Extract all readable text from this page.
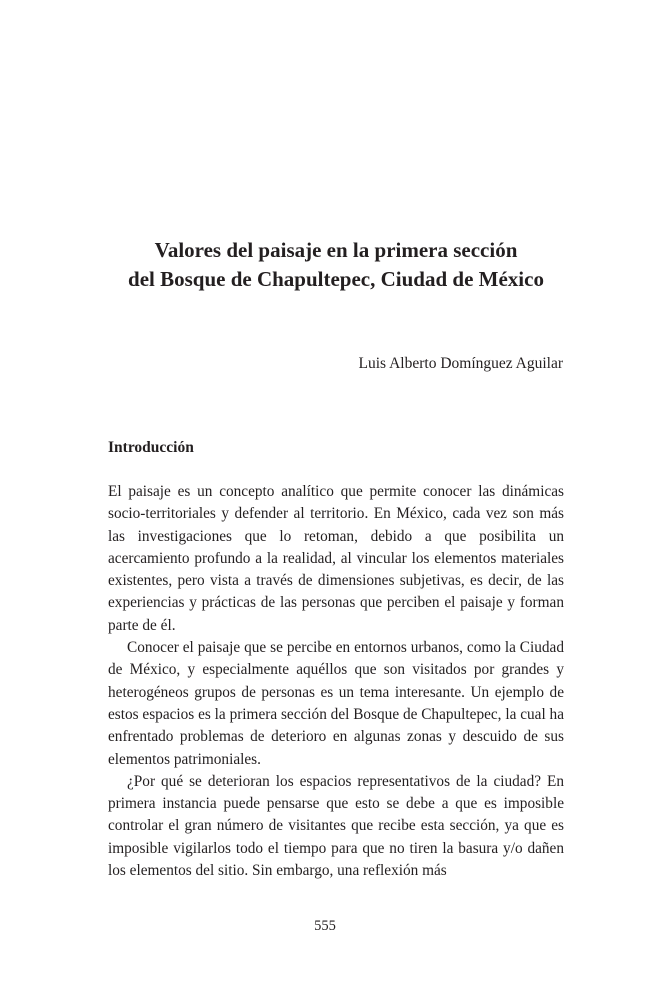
Valores del paisaje en la primera sección
del Bosque de Chapultepec, Ciudad de México
Luis Alberto Domínguez Aguilar
Introducción

El paisaje es un concepto analítico que permite conocer las dinámicas socio-territoriales y defender al territorio. En México, cada vez son más las investigaciones que lo retoman, debido a que posibilita un acercamiento profundo a la realidad, al vincular los elementos materiales existentes, pero vista a través de dimensiones subjetivas, es decir, de las experiencias y prácticas de las personas que perciben el paisaje y forman parte de él.

Conocer el paisaje que se percibe en entornos urbanos, como la Ciudad de México, y especialmente aquéllos que son visitados por grandes y heterogéneos grupos de personas es un tema interesante. Un ejemplo de estos espacios es la primera sección del Bosque de Chapultepec, la cual ha enfrentado problemas de deterioro en algunas zonas y descuido de sus elementos patrimoniales.

¿Por qué se deterioran los espacios representativos de la ciudad? En primera instancia puede pensarse que esto se debe a que es imposible controlar el gran número de visitantes que recibe esta sección, ya que es imposible vigilarlos todo el tiempo para que no tiren la basura y/o dañen los elementos del sitio. Sin embargo, una reflexión más

555
